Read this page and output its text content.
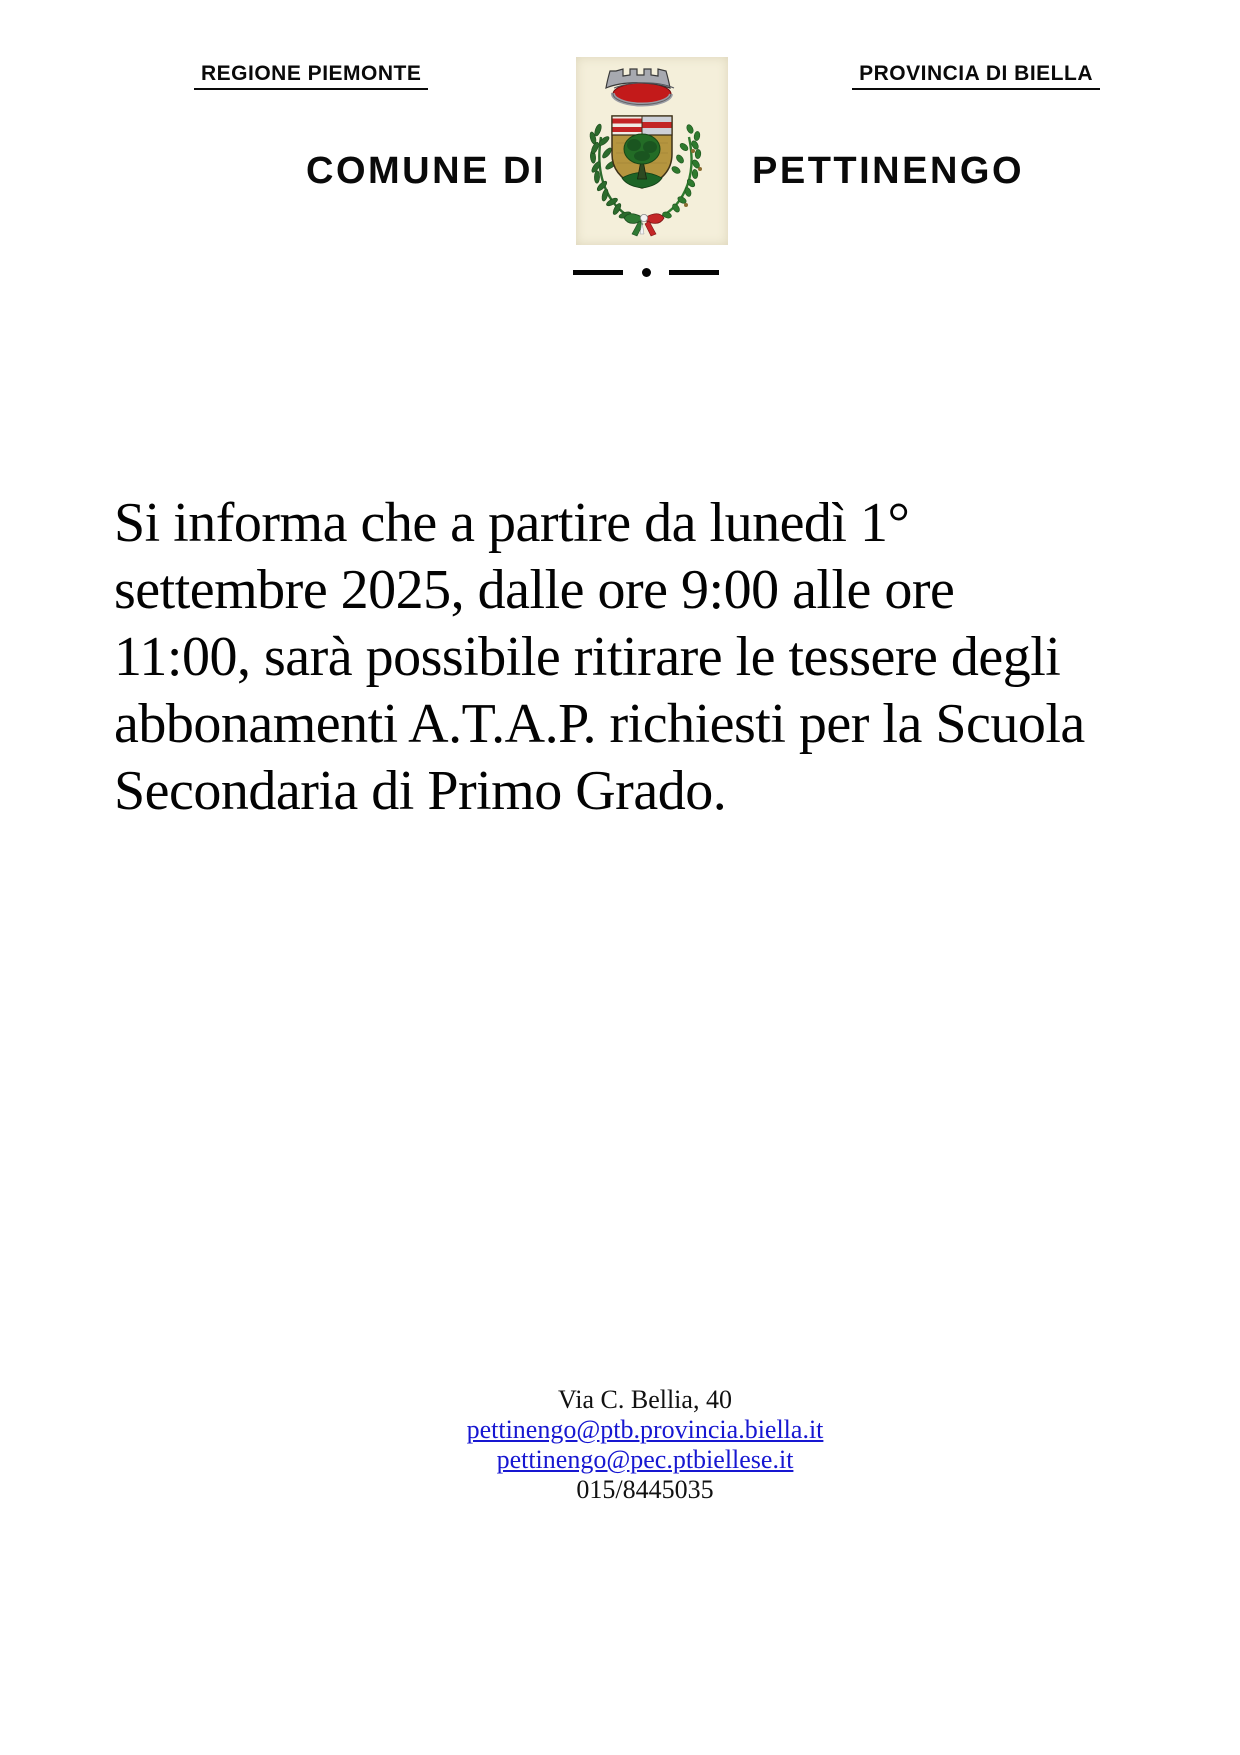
REGIONE PIEMONTE	PROVINCIA DI BIELLA
COMUNE DI	PETTINENGO
Si informa che a partire da lunedì 1°
settembre 2025, dalle ore 9:00 alle ore
11:00, sarà possibile ritirare le tessere degli
abbonamenti A.T.A.P. richiesti per la Scuola
Secondaria di Primo Grado.
Via C. Bellia, 40
pettinengo@ptb.provincia.biella.it
pettinengo@pec.ptbiellese.it
015/8445035
